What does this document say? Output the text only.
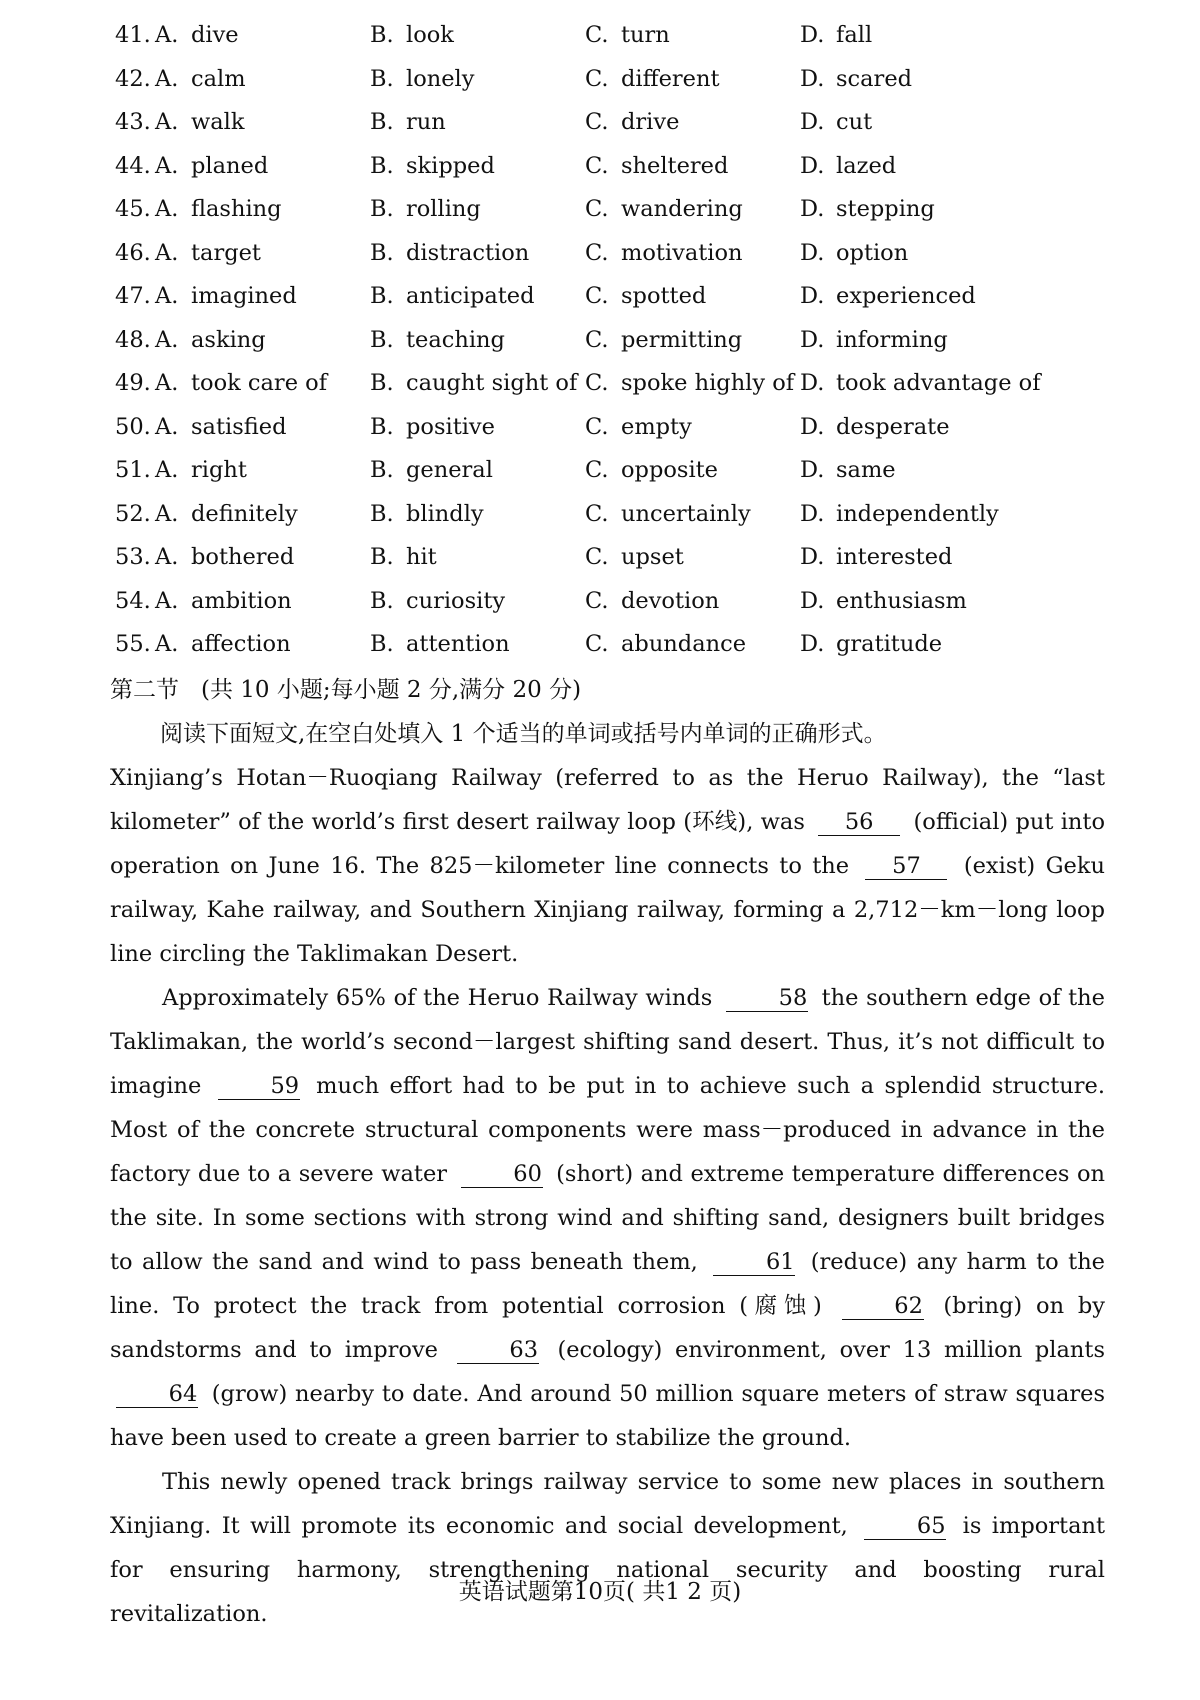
41. A. dive	B. look	C. turn	D. fall
42. A. calm	B. lonely	C. different	D. scared
43. A. walk	B. run	C. drive	D. cut
44. A. planed	B. skipped	C. sheltered	D. lazed
45. A. flashing	B. rolling	C. wandering	D. stepping
46. A. target	B. distraction C. motivation	D. option
47. A. imagined	B. anticipated C. spotted	D. experienced
48. A. asking	B. teaching	C. permitting	D. informing
49. A. took care of B. caught sight of C. spoke highly of D. took advantage of
50. A. satisfied	B. positive	C. empty	D. desperate
51. A. right	B. general	C. opposite	D. same
52. A. definitely	B. blindly	C. uncertainly D. independently
53. A. bothered	B. hit	C. upset	D. interested
54. A. ambition	B. curiosity	C. devotion	D. enthusiasm
55. A. affection	B. attention	C. abundance D. gratitude
第二节 (共 10 小题;每小题 2 分,满分 20 分)
阅读下面短文,在空白处填入 1 个适当的单词或括号内单词的正确形式。

Xinjiang’s Hotan－Ruoqiang Railway (referred to as the Heruo Railway), the “last kilometer” of the world’s first desert railway loop (环线), was 56 (official) put into operation on June 16. The 825－kilometer line connects to the 57 (exist) Geku railway, Kahe railway, and Southern Xinjiang railway, forming a 2,712－km－long loop line circling the Taklimakan Desert.

Approximately 65% of the Heruo Railway winds	58 the southern edge of the Taklimakan, the world’s second－largest shifting sand desert. Thus, it’s not difficult to imagine	59 much effort had to be put in to achieve such a splendid structure. Most of the concrete structural components were mass－produced in advance in the factory due to a severe water	60 (short) and extreme temperature differences on the site. In some sections with strong wind and shifting sand, designers built bridges to allow the sand and wind to pass beneath them,	61 (reduce) any harm to the line. To protect the track from potential corrosion (腐蚀)	62 (bring) on by sandstorms and to improve	63 (ecology) environment, over 13 million plants 64 (grow) nearby to date. And around 50 million square meters of straw squares have been used to create a green barrier to stabilize the ground.

This newly opened track brings railway service to some new places in southern Xinjiang. It will promote its economic and social development,	65 is important for ensuring harmony, strengthening national security and boosting rural revitalization.

英语试题第10页( 共1 2 页)
